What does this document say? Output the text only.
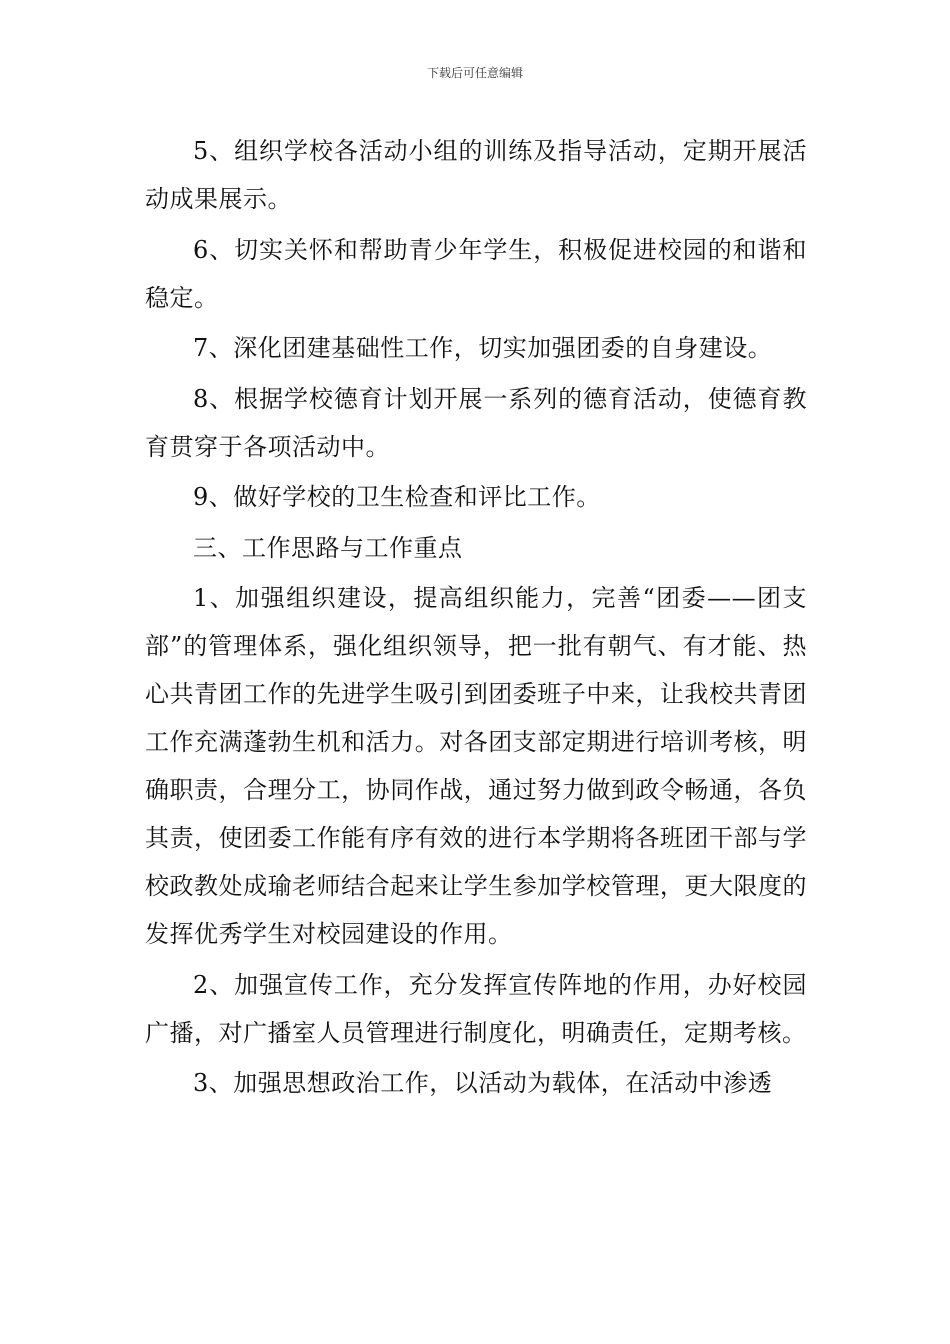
下载后可任意编辑

5、组织学校各活动小组的训练及指导活动，定期开展活动成果展示。

6、切实关怀和帮助青少年学生，积极促进校园的和谐和稳定。

7、深化团建基础性工作，切实加强团委的自身建设。

8、根据学校德育计划开展一系列的德育活动，使德育教育贯穿于各项活动中。

9、做好学校的卫生检查和评比工作。

三、工作思路与工作重点

1、加强组织建设，提高组织能力，完善“团委——团支部”的管理体系，强化组织领导，把一批有朝气、有才能、热心共青团工作的先进学生吸引到团委班子中来，让我校共青团工作充满蓬勃生机和活力。对各团支部定期进行培训考核，明确职责，合理分工，协同作战，通过努力做到政令畅通，各负其责，使团委工作能有序有效的进行本学期将各班团干部与学校政教处成瑜老师结合起来让学生参加学校管理，更大限度的发挥优秀学生对校园建设的作用。

2、加强宣传工作，充分发挥宣传阵地的作用，办好校园广播，对广播室人员管理进行制度化，明确责任，定期考核。

3、加强思想政治工作，以活动为载体，在活动中渗透
